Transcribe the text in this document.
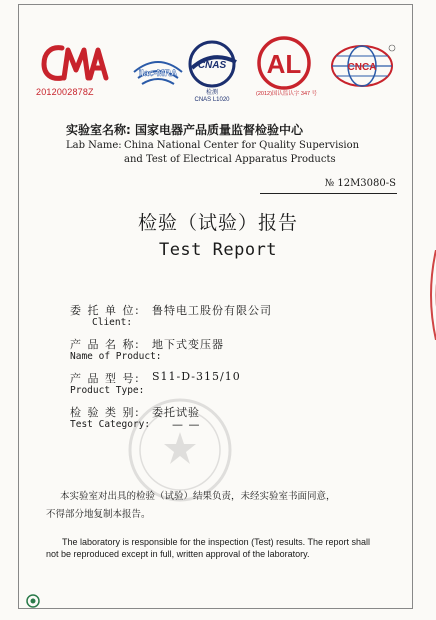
2012002878Z
ilac-MRA
CNAS
检测
CNAS L1020
AL
(2012)国认监认字 347 号
CNCA
实验室名称: 国家电器产品质量监督检验中心
Lab Name: China National Center for Quality Supervision
and Test of Electrical Apparatus Products
№ 12M3080-S
检验（试验）报告
Test Report
委 托 单 位: 鲁特电工股份有限公司
Client:
产 品 名 称: 地下式变压器
Name of Product:
产 品 型 号: S11-D-315/10
Product Type:
检 验 类 别: 委托试验
Test Category: — —
本实验室对出具的检验（试验）结果负责，未经实验室书面同意，
不得部分地复制本报告。
The laboratory is responsible for the inspection (Test) results. The report shall
not be reproduced except in full, written approval of the laboratory.
